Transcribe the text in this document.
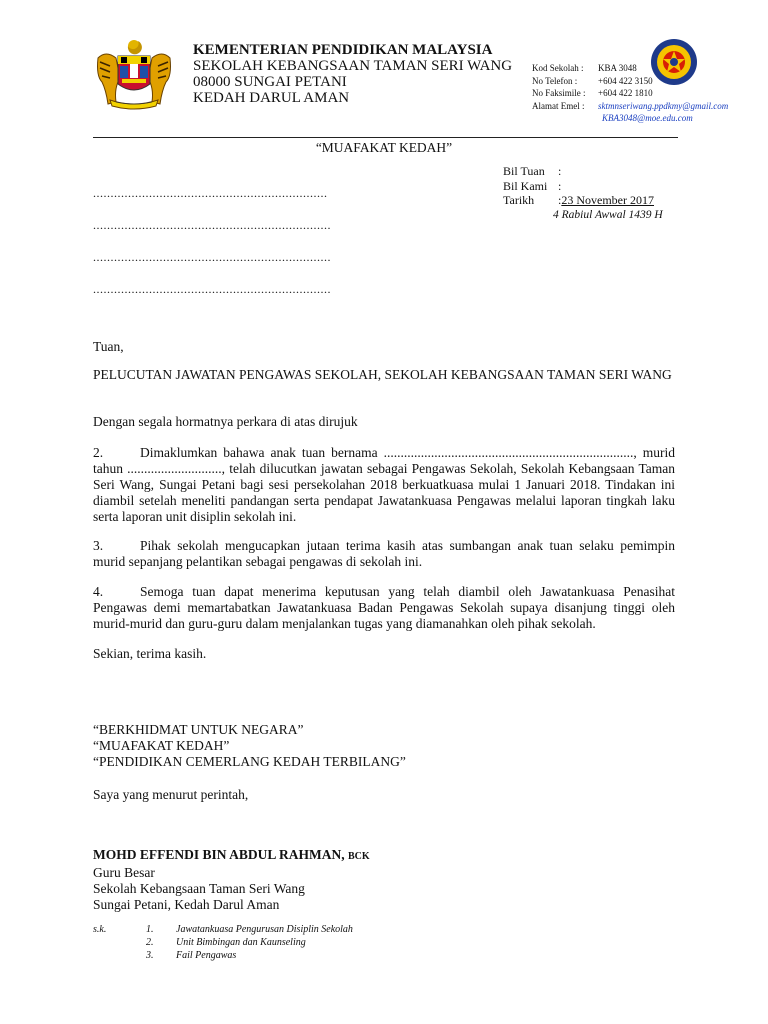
KEMENTERIAN PENDIDIKAN MALAYSIA
SEKOLAH KEBANGSAAN TAMAN SERI WANG
08000 SUNGAI PETANI
KEDAH DARUL AMAN
Kod Sekolah :	KBA 3048
No Telefon :	+604 422 3150
No Faksimile :	+604 422 1810
Alamat Emel :	sktmnseriwang.ppdkmy@gmail.com
KBA3048@moe.edu.com
“MUAFAKAT KEDAH”
Bil Tuan	:
Bil Kami :
Tarikh	: 23 November 2017
4 Rabiul Awwal 1439 H
...................................................................
....................................................................
....................................................................
....................................................................
Tuan,
PELUCUTAN JAWATAN PENGAWAS SEKOLAH, SEKOLAH KEBANGSAAN TAMAN SERI WANG
Dengan segala hormatnya perkara di atas dirujuk
2.	Dimaklumkan bahawa anak tuan bernama .........................................................................., murid tahun ............................, telah dilucutkan jawatan sebagai Pengawas Sekolah, Sekolah Kebangsaan Taman Seri Wang, Sungai Petani bagi sesi persekolahan 2018 berkuatkuasa mulai 1 Januari 2018. Tindakan ini diambil setelah meneliti pandangan serta pendapat Jawatankuasa Pengawas melalui laporan tingkah laku serta laporan unit disiplin sekolah ini.
3.	Pihak sekolah mengucapkan jutaan terima kasih atas sumbangan anak tuan selaku pemimpin murid sepanjang pelantikan sebagai pengawas di sekolah ini.
4.	Semoga tuan dapat menerima keputusan yang telah diambil oleh Jawatankuasa Penasihat Pengawas demi memartabatkan Jawatankuasa Badan Pengawas Sekolah supaya disanjung tinggi oleh murid-murid dan guru-guru dalam menjalankan tugas yang diamanahkan oleh pihak sekolah.
Sekian, terima kasih.
“BERKHIDMAT UNTUK NEGARA”
“MUAFAKAT KEDAH”
“PENDIDIKAN CEMERLANG KEDAH TERBILANG”
Saya yang menurut perintah,
MOHD EFFENDI BIN ABDUL RAHMAN, BCK
Guru Besar
Sekolah Kebangsaan Taman Seri Wang
Sungai Petani, Kedah Darul Aman
s.k.	1.	Jawatankuasa Pengurusan Disiplin Sekolah
2.	Unit Bimbingan dan Kaunseling
3.	Fail Pengawas
